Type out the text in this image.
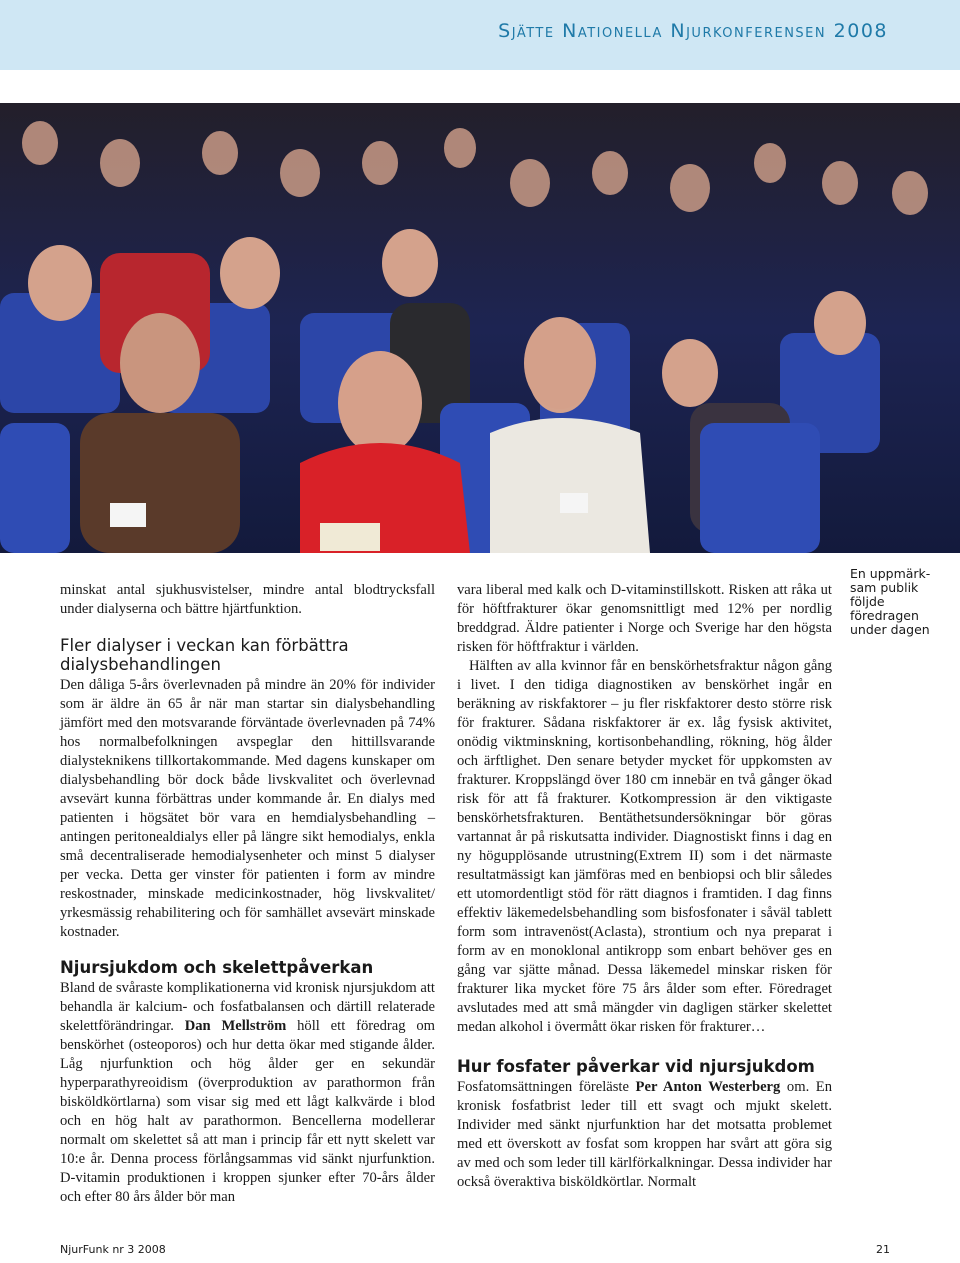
Sjätte Nationella Njurkonferensen 2008
En uppmärk-
sam publik
följde
föredragen
under dagen

minskat antal sjukhusvistelser, mindre antal blodtrycksfall under dialyserna och bättre hjärtfunktion.

Fler dialyser i veckan kan förbättra dialysbehandlingen

Den dåliga 5-års överlevnaden på mindre än 20% för individer som är äldre än 65 år när man startar sin dialysbehandling jämfört med den motsvarande förväntade överlevnaden på 74% hos normalbefolkningen avspeglar den hittillsvarande dialysteknikens tillkortakommande. Med dagens kunskaper om dialysbehandling bör dock både livskvalitet och överlevnad avsevärt kunna förbättras under kommande år. En dialys med patienten i högsätet bör vara en hemdialysbehandling – antingen peritonealdialys eller på längre sikt hemodialys, enkla små decentraliserade hemodialysenheter och minst 5 dialyser per vecka. Detta ger vinster för patienten i form av mindre reskostnader, minskade medicinkostnader, hög livskvalitet/ yrkesmässig rehabilitering och för samhället avsevärt minskade kostnader.

Njursjukdom och skelettpåverkan

Bland de svåraste komplikationerna vid kronisk njursjukdom att behandla är kalcium- och fosfatbalansen och därtill relaterade skelettförändringar. Dan Mellström höll ett föredrag om benskörhet (osteoporos) och hur detta ökar med stigande ålder. Låg njurfunktion och hög ålder ger en sekundär hyperparathyreoidism (överproduktion av parathormon från bisköldkörtlarna) som visar sig med ett lågt kalkvärde i blod och en hög halt av parathormon. Bencellerna modellerar normalt om skelettet så att man i princip får ett nytt skelett var 10:e år. Denna process förlångsammas vid sänkt njurfunktion. D-vitamin produktionen i kroppen sjunker efter 70-års ålder och efter 80 års ålder bör man

vara liberal med kalk och D-vitaminstillskott. Risken att råka ut för höftfrakturer ökar genomsnittligt med 12% per nordlig breddgrad. Äldre patienter i Norge och Sverige har den högsta risken för höftfraktur i världen.

Hälften av alla kvinnor får en benskörhetsfraktur någon gång i livet. I den tidiga diagnostiken av benskörhet ingår en beräkning av riskfaktorer – ju fler riskfaktorer desto större risk för frakturer. Sådana riskfaktorer är ex. låg fysisk aktivitet, onödig viktminskning, kortisonbehandling, rökning, hög ålder och ärftlighet. Den senare betyder mycket för uppkomsten av frakturer. Kroppslängd över 180 cm innebär en två gånger ökad risk för att få frakturer. Kotkompression är den viktigaste benskörhetsfrakturen. Bentäthetsundersökningar bör göras vartannat år på riskutsatta individer. Diagnostiskt finns i dag en ny högupplösande utrustning(Extrem II) som i det närmaste resultatmässigt kan jämföras med en benbiopsi och blir således ett utomordentligt stöd för rätt diagnos i framtiden. I dag finns effektiv läkemedelsbehandling som bisfosfonater i såväl tablett form som intravenöst(Aclasta), strontium och nya preparat i form av en monoklonal antikropp som enbart behöver ges en gång var sjätte månad. Dessa läkemedel minskar risken för frakturer lika mycket före 75 års ålder som efter. Föredraget avslutades med att små mängder vin dagligen stärker skelettet medan alkohol i övermått ökar risken för frakturer…

Hur fosfater påverkar vid njursjukdom

Fosfatomsättningen föreläste Per Anton Westerberg om. En kronisk fosfatbrist leder till ett svagt och mjukt skelett. Individer med sänkt njurfunktion har det motsatta problemet med ett överskott av fosfat som kroppen har svårt att göra sig av med och som leder till kärlförkalkningar. Dessa individer har också överaktiva bisköldkörtlar. Normalt

NjurFunk nr 3 2008	21
